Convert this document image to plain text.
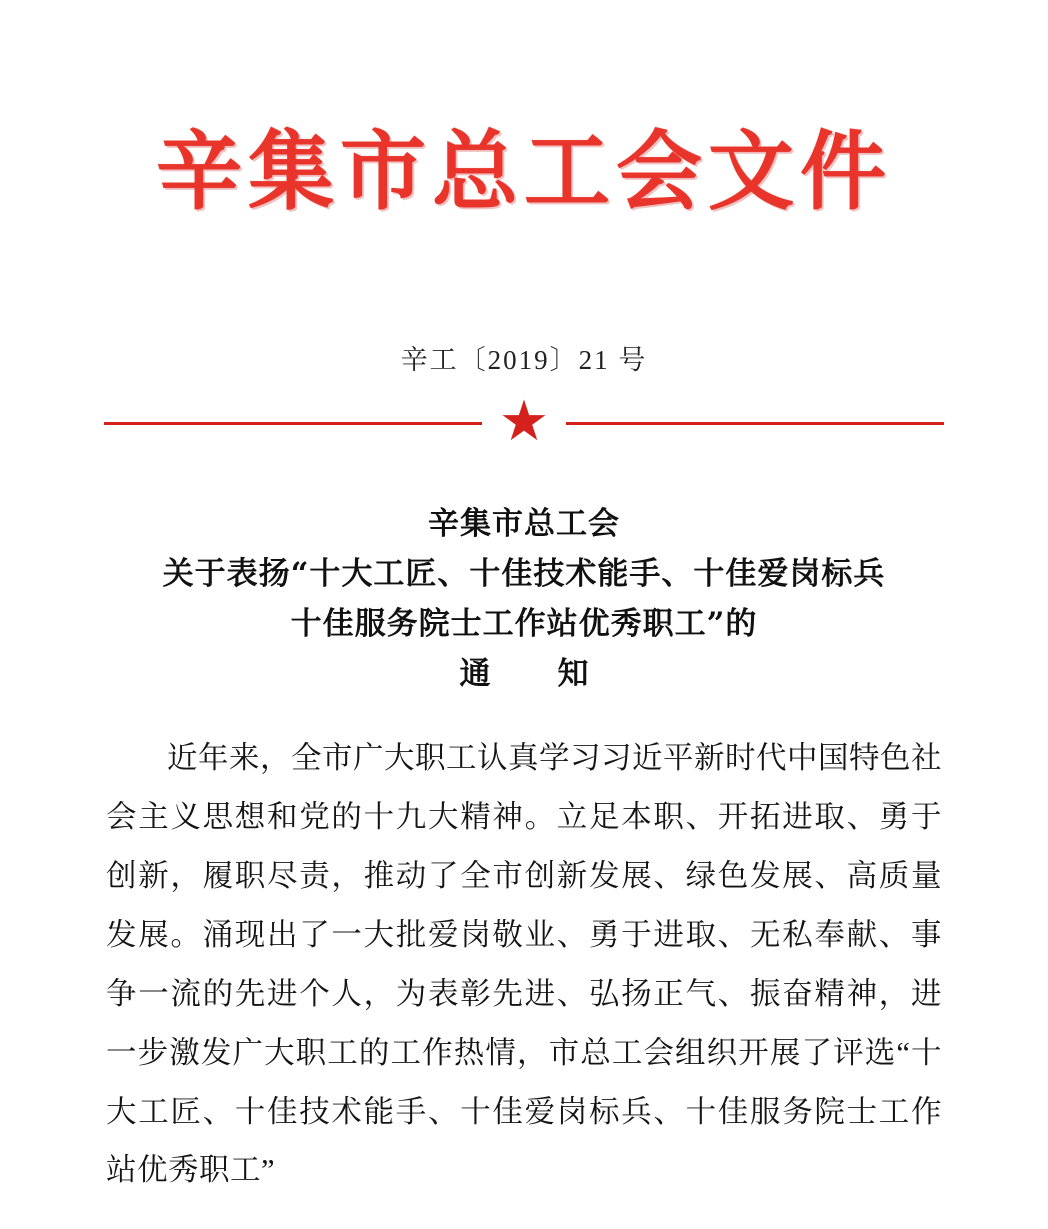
辛集市总工会文件
辛工〔2019〕21 号
★
辛集市总工会
关于表扬“十大工匠、十佳技术能手、十佳爱岗标兵
十佳服务院士工作站优秀职工”的
通　知

近年来，全市广大职工认真学习习近平新时代中国特色社会主义思想和党的十九大精神。立足本职、开拓进取、勇于创新，履职尽责，推动了全市创新发展、绿色发展、高质量发展。涌现出了一大批爱岗敬业、勇于进取、无私奉献、事争一流的先进个人，为表彰先进、弘扬正气、振奋精神，进一步激发广大职工的工作热情，市总工会组织开展了评选“十大工匠、十佳技术能手、十佳爱岗标兵、十佳服务院士工作站优秀职工”
